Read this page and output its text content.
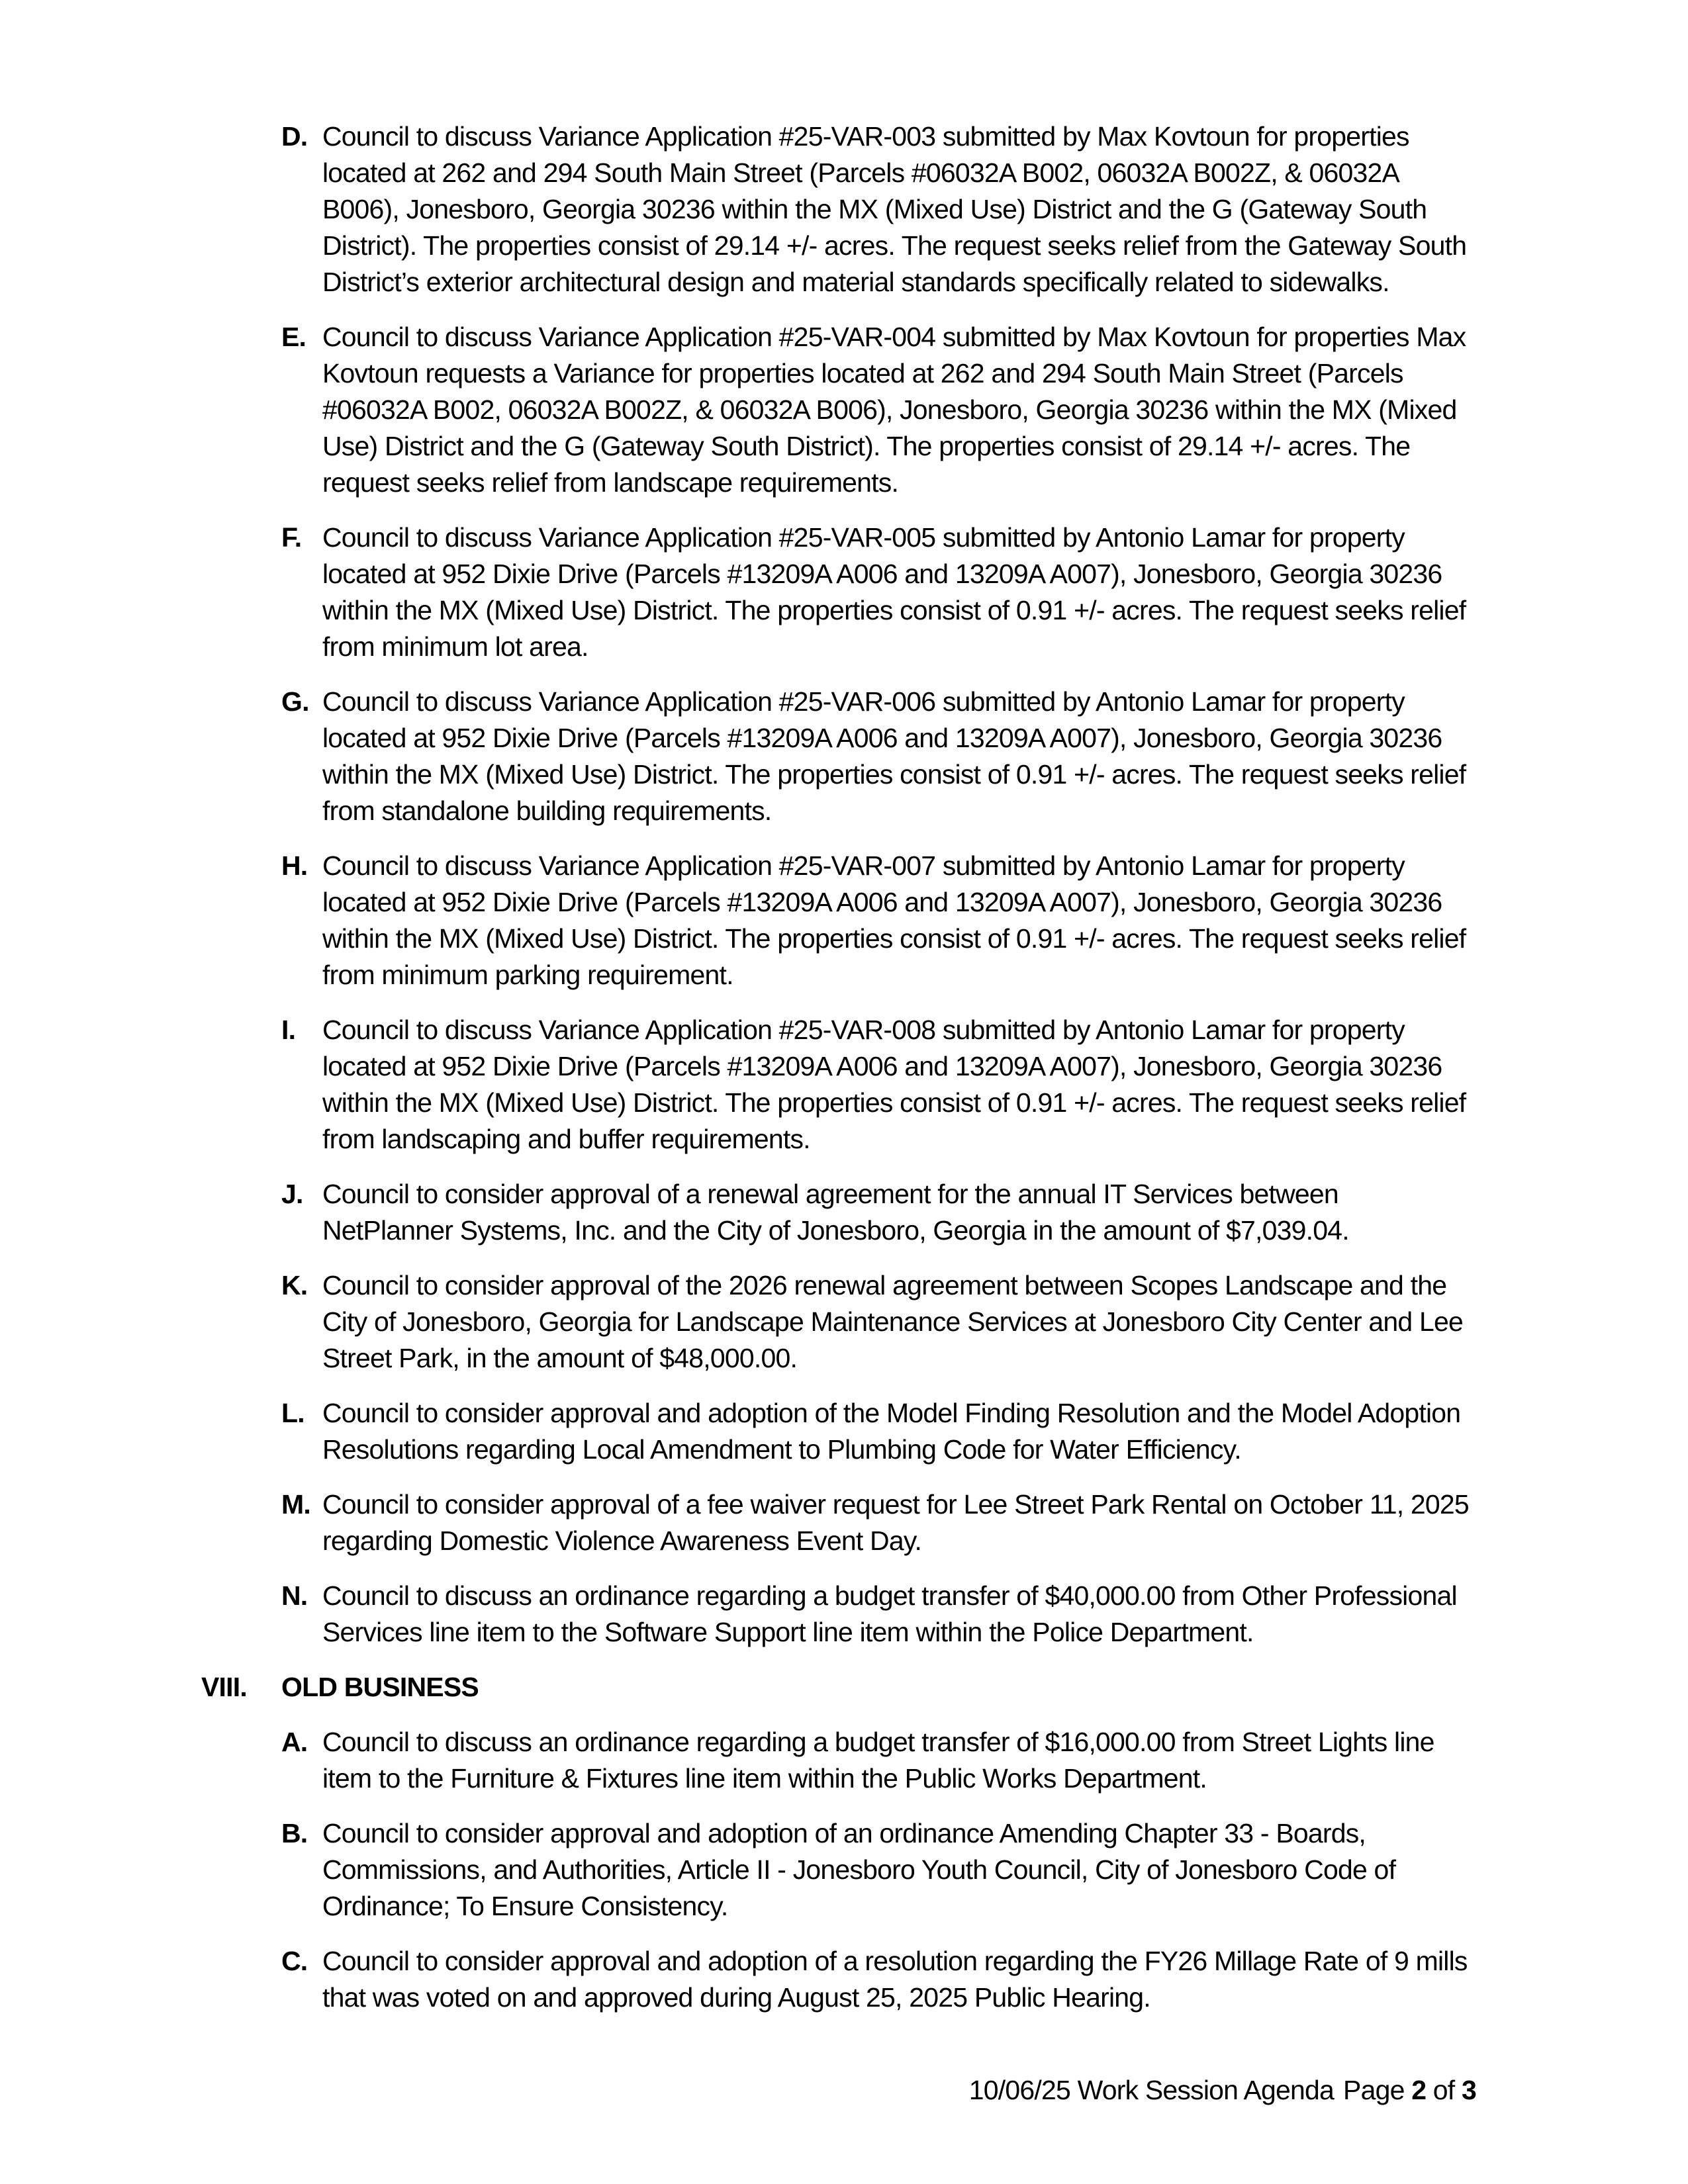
D. Council to discuss Variance Application #25-VAR-003 submitted by Max Kovtoun for properties located at 262 and 294 South Main Street (Parcels #06032A B002, 06032A B002Z, & 06032A B006), Jonesboro, Georgia 30236 within the MX (Mixed Use) District and the G (Gateway South District). The properties consist of 29.14 +/- acres. The request seeks relief from the Gateway South District’s exterior architectural design and material standards specifically related to sidewalks.
E. Council to discuss Variance Application #25-VAR-004 submitted by Max Kovtoun for properties Max Kovtoun requests a Variance for properties located at 262 and 294 South Main Street (Parcels #06032A B002, 06032A B002Z, & 06032A B006), Jonesboro, Georgia 30236 within the MX (Mixed Use) District and the G (Gateway South District). The properties consist of 29.14 +/- acres. The request seeks relief from landscape requirements.
F. Council to discuss Variance Application #25-VAR-005 submitted by Antonio Lamar for property located at 952 Dixie Drive (Parcels #13209A A006 and 13209A A007), Jonesboro, Georgia 30236 within the MX (Mixed Use) District. The properties consist of 0.91 +/- acres. The request seeks relief from minimum lot area.
G. Council to discuss Variance Application #25-VAR-006 submitted by Antonio Lamar for property located at 952 Dixie Drive (Parcels #13209A A006 and 13209A A007), Jonesboro, Georgia 30236 within the MX (Mixed Use) District. The properties consist of 0.91 +/- acres. The request seeks relief from standalone building requirements.
H. Council to discuss Variance Application #25-VAR-007 submitted by Antonio Lamar for property located at 952 Dixie Drive (Parcels #13209A A006 and 13209A A007), Jonesboro, Georgia 30236 within the MX (Mixed Use) District. The properties consist of 0.91 +/- acres. The request seeks relief from minimum parking requirement.
I. Council to discuss Variance Application #25-VAR-008 submitted by Antonio Lamar for property located at 952 Dixie Drive (Parcels #13209A A006 and 13209A A007), Jonesboro, Georgia 30236 within the MX (Mixed Use) District. The properties consist of 0.91 +/- acres. The request seeks relief from landscaping and buffer requirements.
J. Council to consider approval of a renewal agreement for the annual IT Services between NetPlanner Systems, Inc. and the City of Jonesboro, Georgia in the amount of $7,039.04.
K. Council to consider approval of the 2026 renewal agreement between Scopes Landscape and the City of Jonesboro, Georgia for Landscape Maintenance Services at Jonesboro City Center and Lee Street Park, in the amount of $48,000.00.
L. Council to consider approval and adoption of the Model Finding Resolution and the Model Adoption Resolutions regarding Local Amendment to Plumbing Code for Water Efficiency.
M. Council to consider approval of a fee waiver request for Lee Street Park Rental on October 11, 2025 regarding Domestic Violence Awareness Event Day.
N. Council to discuss an ordinance regarding a budget transfer of $40,000.00 from Other Professional Services line item to the Software Support line item within the Police Department.
VIII.	OLD BUSINESS
A. Council to discuss an ordinance regarding a budget transfer of $16,000.00 from Street Lights line item to the Furniture & Fixtures line item within the Public Works Department.
B. Council to consider approval and adoption of an ordinance Amending Chapter 33 - Boards, Commissions, and Authorities, Article II - Jonesboro Youth Council, City of Jonesboro Code of Ordinance; To Ensure Consistency.
C. Council to consider approval and adoption of a resolution regarding the FY26 Millage Rate of 9 mills that was voted on and approved during August 25, 2025 Public Hearing.
10/06/25 Work Session Agenda Page 2 of 3
